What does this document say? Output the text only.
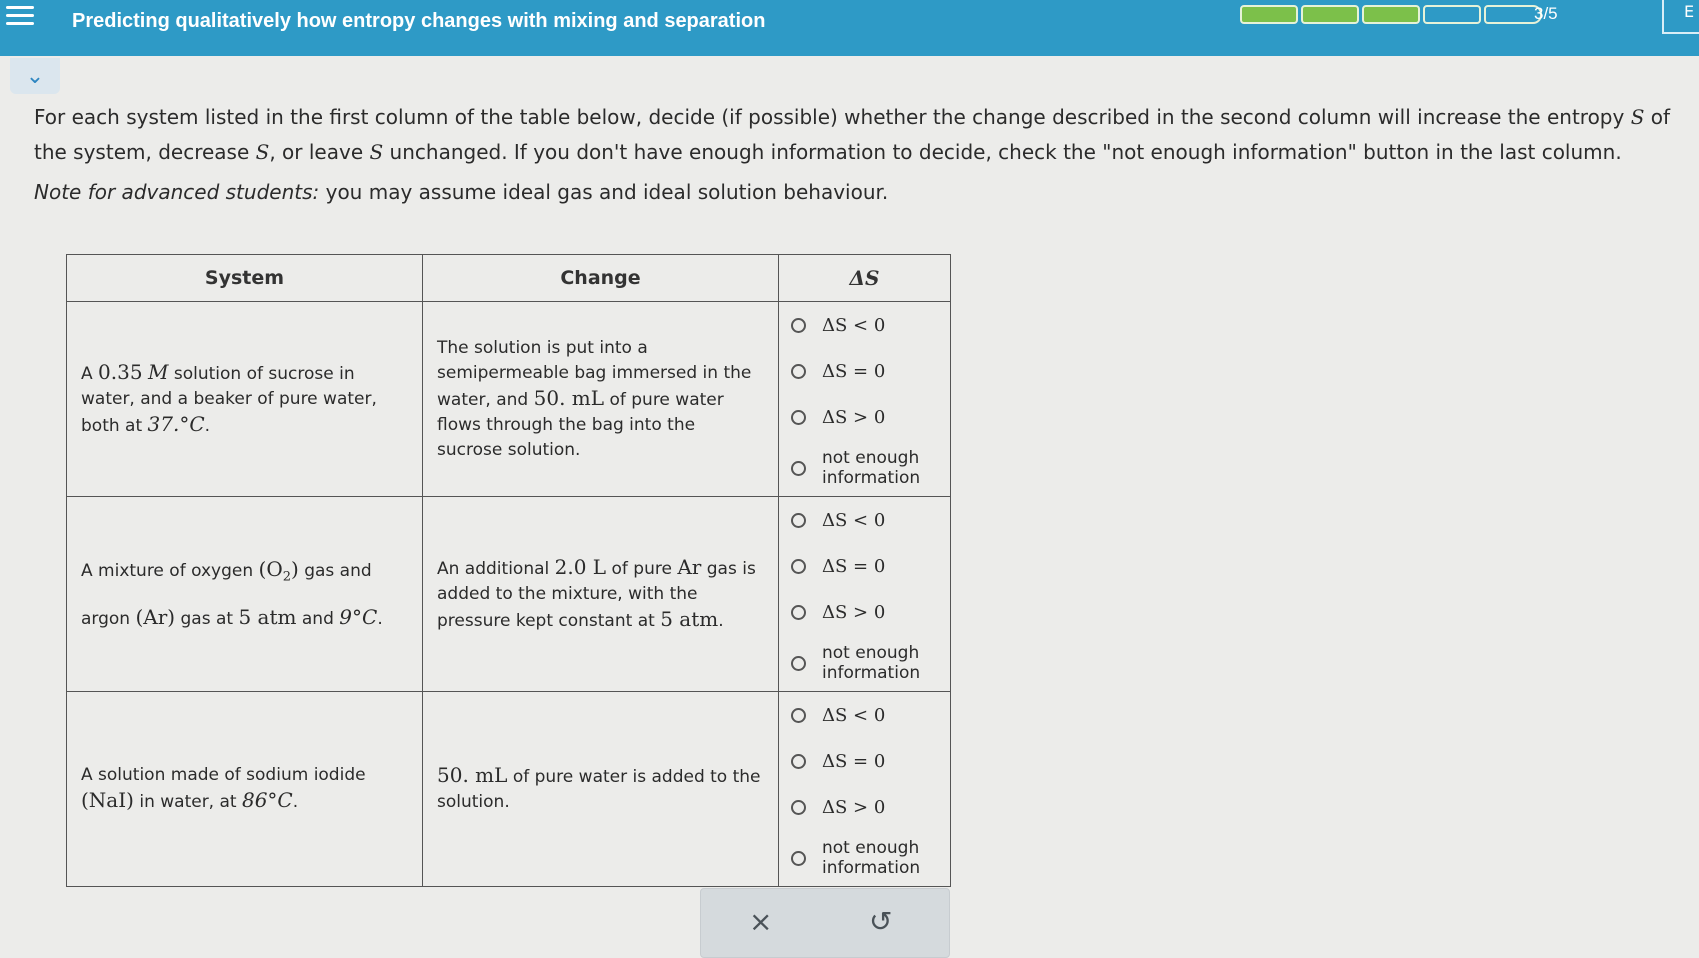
Predicting qualitatively how entropy changes with mixing and separation	3/5	E
⌄

For each system listed in the first column of the table below, decide (if possible) whether the change described in the second column will increase the entropy S of the system, decrease S, or leave S unchanged. If you don't have enough information to decide, check the "not enough information" button in the last column.

Note for advanced students: you may assume ideal gas and ideal solution behaviour.

System	Change	ΔS
A 0.35 M solution of sucrose in water, and a beaker of pure water, both at 37.°C.	The solution is put into a semipermeable bag immersed in the water, and 50. mL of pure water flows through the bag into the sucrose solution.	ΔS < 0
ΔS = 0
ΔS > 0
not enough
information

A mixture of oxygen $(O_2)$ gas and argon (Ar) gas at 5 atm and 9°C.	An additional 2.0 L of pure Ar gas is added to the mixture, with the pressure kept constant at 5 atm.	ΔS < 0
ΔS = 0
ΔS > 0
not enough
information

A solution made of sodium iodide (NaI) in water, at 86°C.	50. mL of pure water is added to the solution.	ΔS < 0
ΔS = 0
ΔS > 0
not enough
information
×	↺
